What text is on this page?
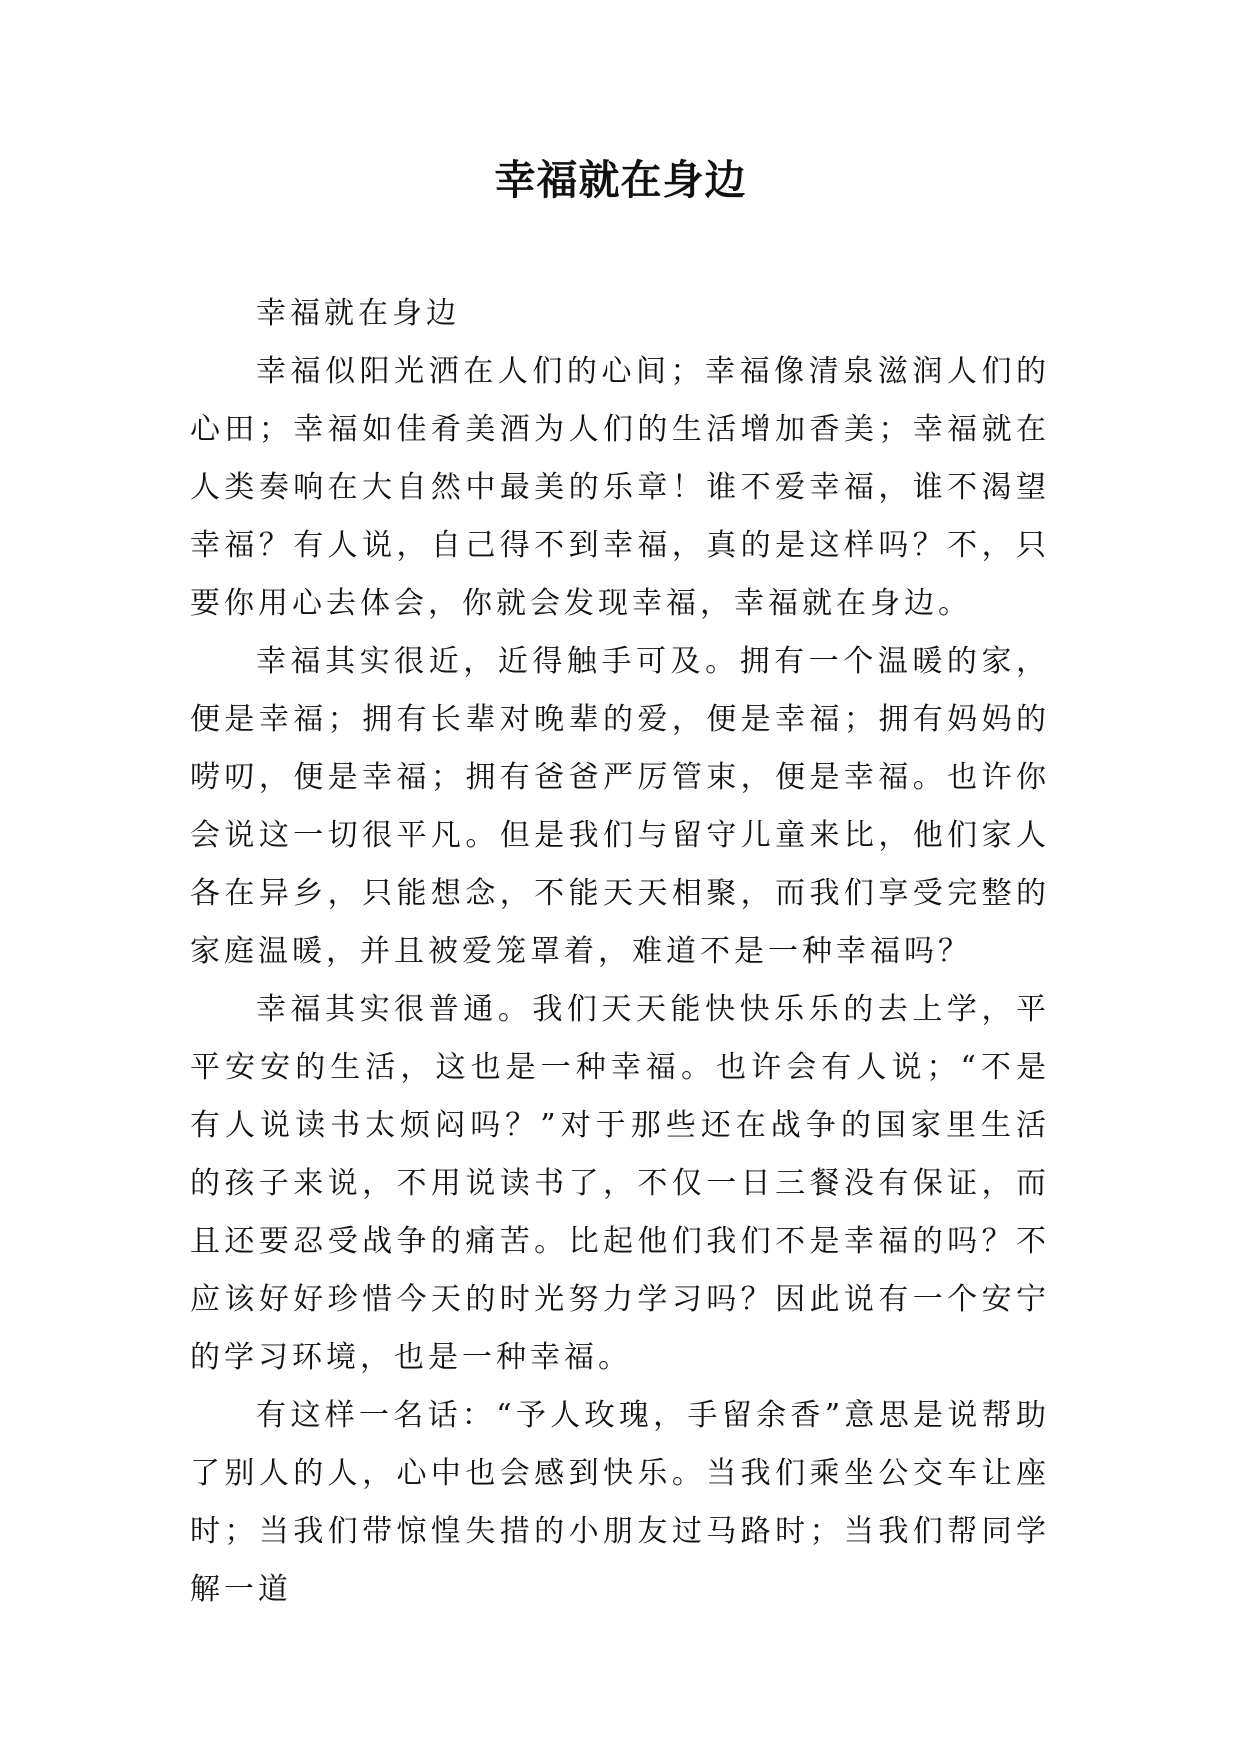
幸福就在身边

幸福就在身边

幸福似阳光洒在人们的心间；幸福像清泉滋润人们的心田；幸福如佳肴美酒为人们的生活增加香美；幸福就在人类奏响在大自然中最美的乐章！谁不爱幸福，谁不渴望幸福？有人说，自己得不到幸福，真的是这样吗？不，只要你用心去体会，你就会发现幸福，幸福就在身边。

幸福其实很近，近得触手可及。拥有一个温暖的家，便是幸福；拥有长辈对晚辈的爱，便是幸福；拥有妈妈的唠叨，便是幸福；拥有爸爸严厉管束，便是幸福。也许你会说这一切很平凡。但是我们与留守儿童来比，他们家人各在异乡，只能想念，不能天天相聚，而我们享受完整的家庭温暖，并且被爱笼罩着，难道不是一种幸福吗？

幸福其实很普通。我们天天能快快乐乐的去上学，平平安安的生活，这也是一种幸福。也许会有人说；“不是有人说读书太烦闷吗？”对于那些还在战争的国家里生活的孩子来说，不用说读书了，不仅一日三餐没有保证，而且还要忍受战争的痛苦。比起他们我们不是幸福的吗？不应该好好珍惜今天的时光努力学习吗？因此说有一个安宁的学习环境，也是一种幸福。

有这样一名话：“予人玫瑰，手留余香”意思是说帮助了别人的人，心中也会感到快乐。当我们乘坐公交车让座时；当我们带惊惶失措的小朋友过马路时；当我们帮同学解一道
